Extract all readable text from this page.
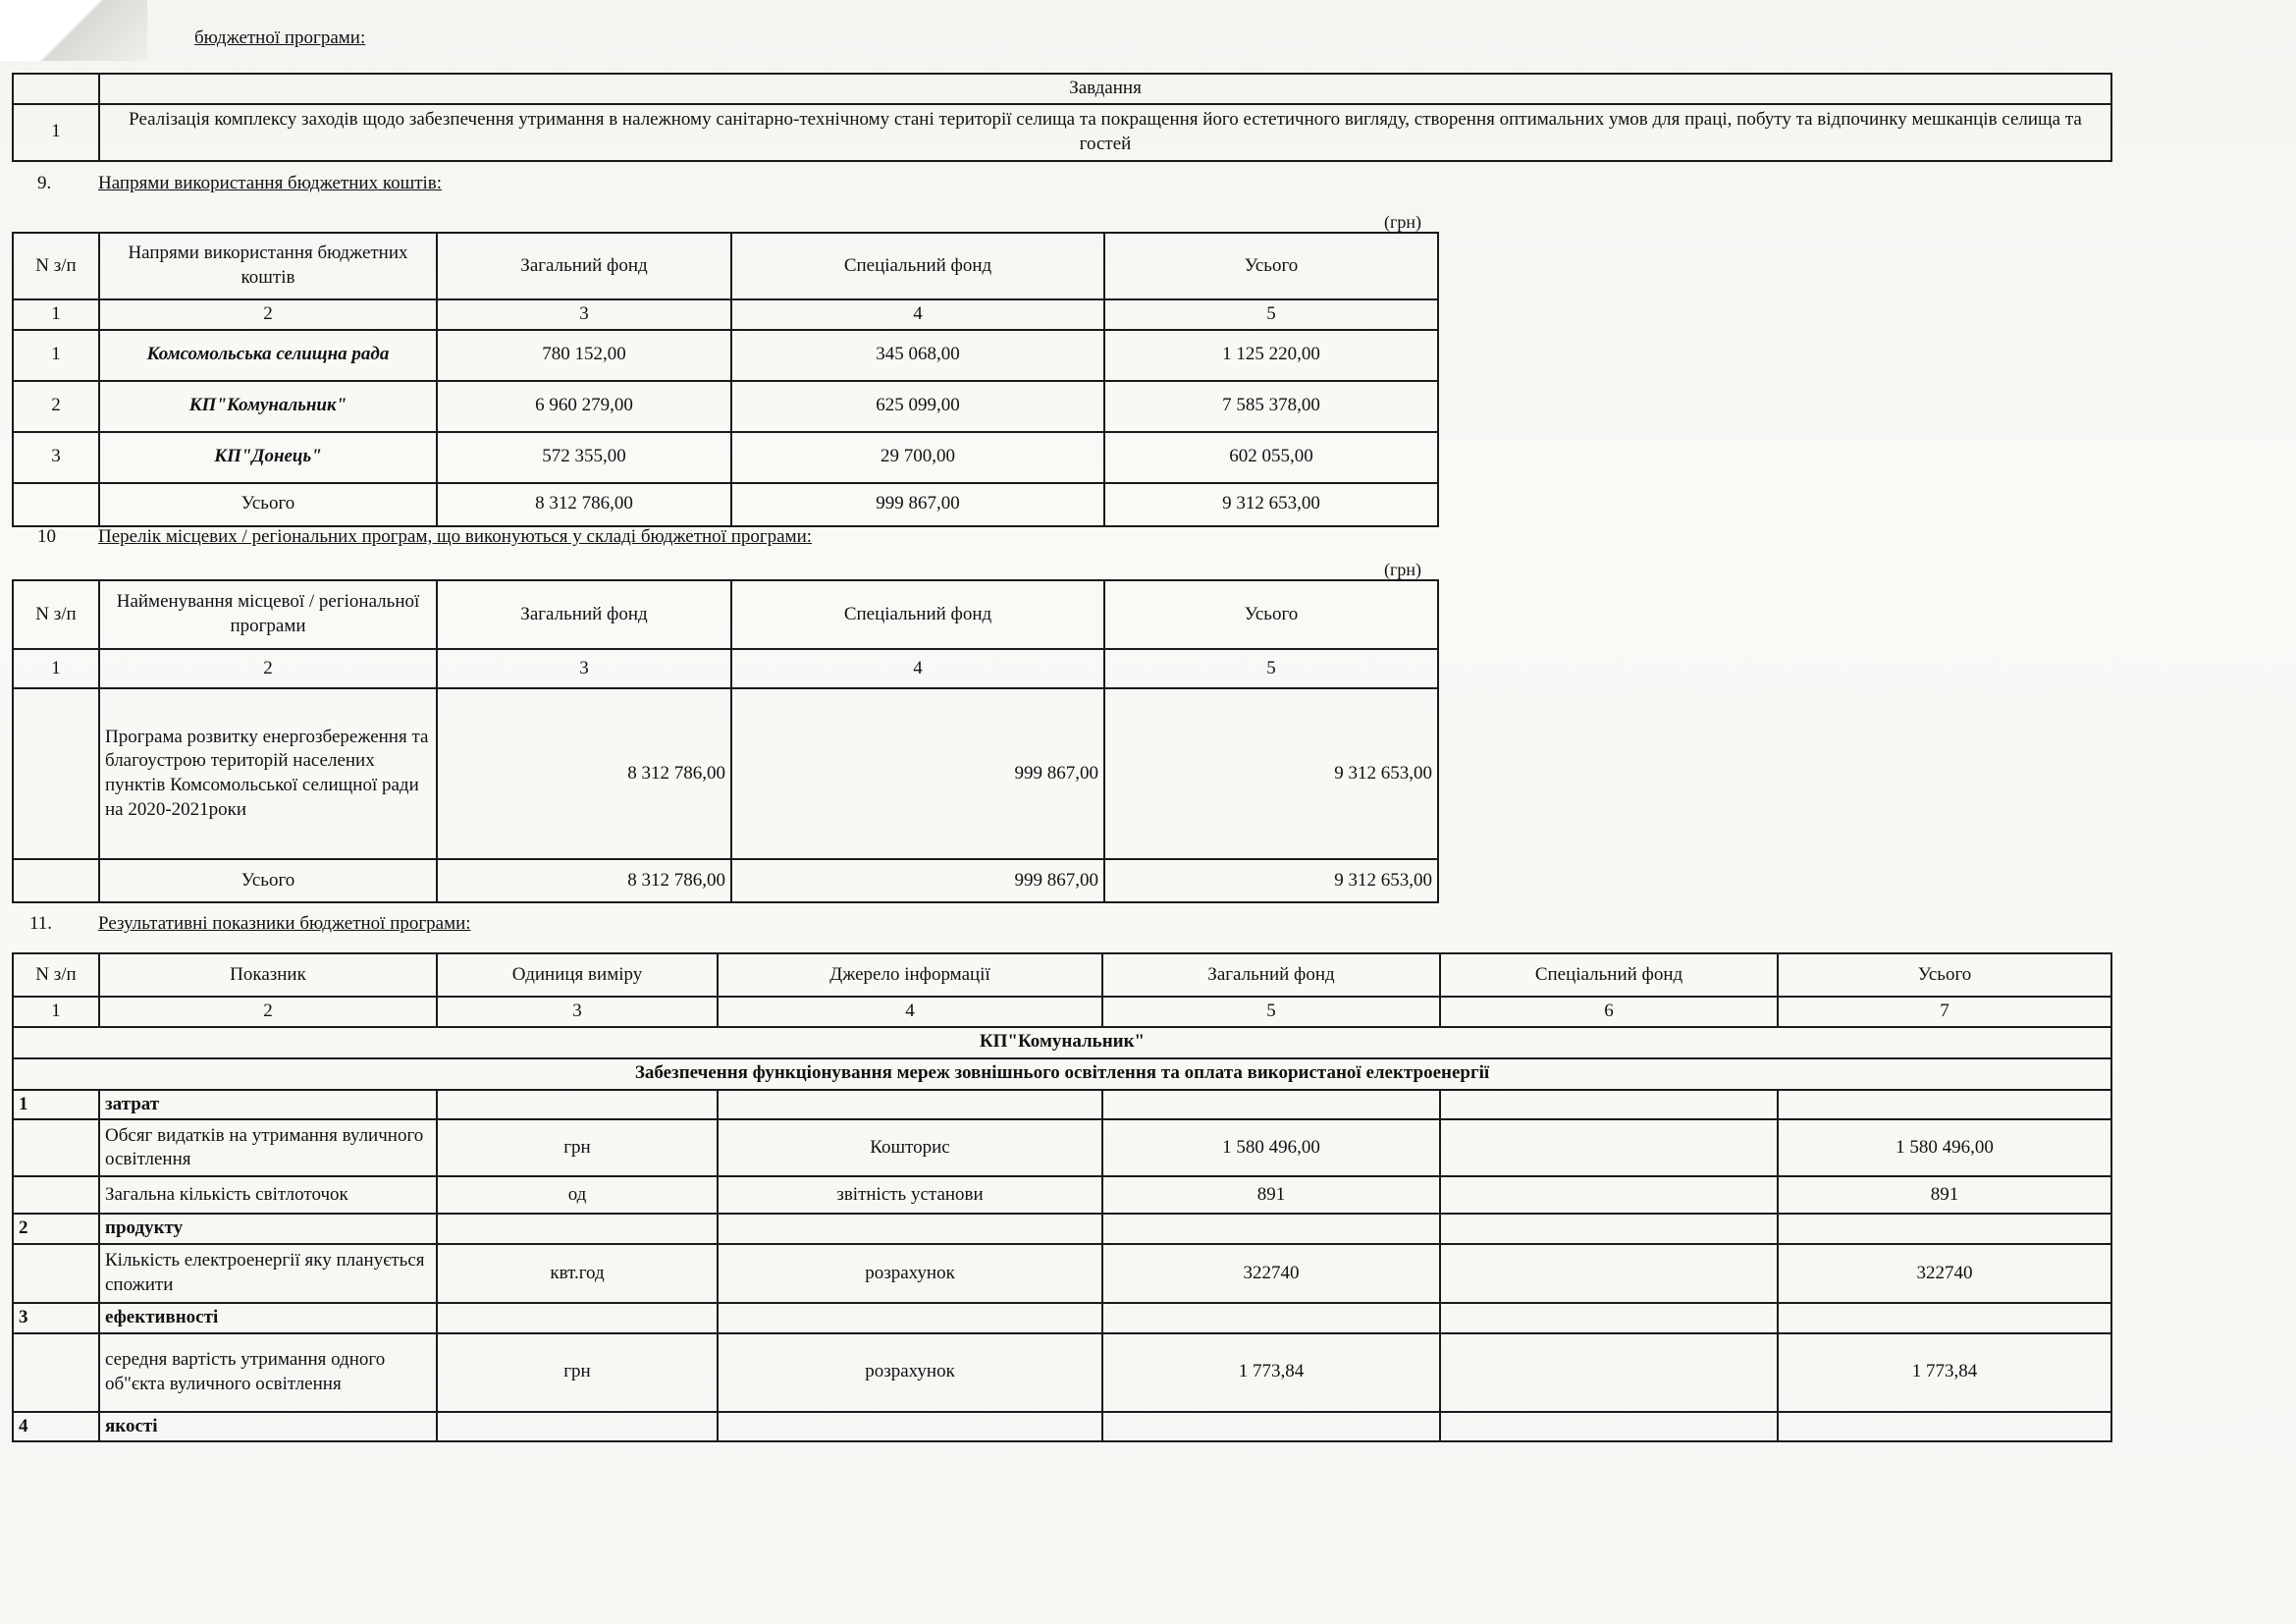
бюджетної програми:
	Завдання
1	Реалізація комплексу заходів щодо забезпечення утримання в належному санітарно-технічному стані території селища та покращення його естетичного вигляду, створення оптимальних умов для праці, побуту та відпочинку мешканців селища та гостей
9.	Напрями використання бюджетних коштів:
(грн)
N з/п	Напрями використання бюджетних коштів	Загальний фонд	Спеціальний фонд	Усього
1	2	3	4	5
1	Комсомольська селищна рада	780 152,00	345 068,00	1 125 220,00
2	КП"Комунальник"	6 960 279,00	625 099,00	7 585 378,00
3	КП"Донець"	572 355,00	29 700,00	602 055,00
	Усього	8 312 786,00	999 867,00	9 312 653,00
10 Перелік місцевих / регіональних програм, що виконуються у складі бюджетної програми:
(грн)
N з/п	Найменування місцевої / регіональної програми	Загальний фонд	Спеціальний фонд	Усього
1	2	3	4	5
	Програма розвитку енергозбереження та благоустрою територій населених пунктів Комсомольської селищної ради на 2020-2021роки	8 312 786,00	999 867,00	9 312 653,00
	Усього	8 312 786,00	999 867,00	9 312 653,00
11. Результативні показники бюджетної програми:
N з/п	Показник	Одиниця виміру	Джерело інформації	Загальний фонд	Спеціальний фонд	Усього
1	2	3	4	5	6	7
КП"Комунальник"						
Забезпечення функціонування мереж зовнішнього освітлення та оплата використаної електроенергії						
1	затрат					
	Обсяг видатків на утримання вуличного освітлення	грн	Кошторис	1 580 496,00		1 580 496,00
	Загальна кількість світлоточок	од	звітність установи	891		891
2	продукту					
	Кількість електроенергії яку планується спожити	квт.год	розрахунок	322740		322740
3	ефективності					
	середня вартість утримання одного об"єкта вуличного освітлення	грн	розрахунок	1 773,84		1 773,84
4	якості					
